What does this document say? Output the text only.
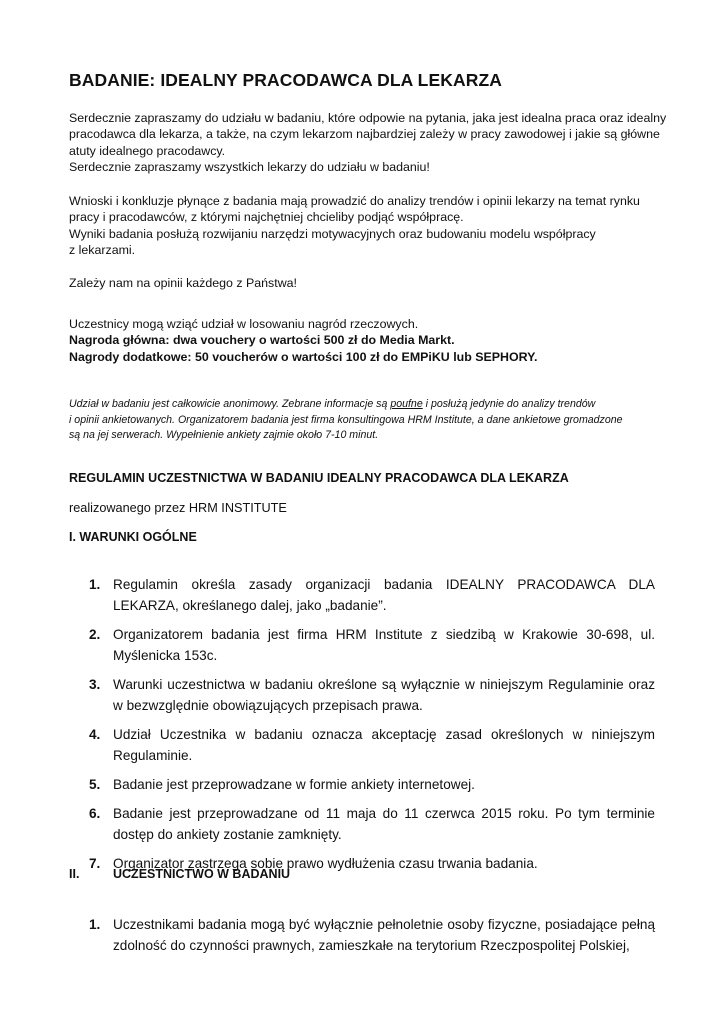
BADANIE: IDEALNY PRACODAWCA DLA LEKARZA
Serdecznie zapraszamy do udziału w badaniu, które odpowie na pytania, jaka jest idealna praca oraz idealny
pracodawca dla lekarza, a także, na czym lekarzom najbardziej zależy w pracy zawodowej i jakie są główne
atuty idealnego pracodawcy.
Serdecznie zapraszamy wszystkich lekarzy do udziału w badaniu!
Wnioski i konkluzje płynące z badania mają prowadzić do analizy trendów i opinii lekarzy na temat rynku
pracy i pracodawców, z którymi najchętniej chcieliby podjąć współpracę.
Wyniki badania posłużą rozwijaniu narzędzi motywacyjnych oraz budowaniu modelu współpracy
z lekarzami.
Zależy nam na opinii każdego z Państwa!
Uczestnicy mogą wziąć udział w losowaniu nagród rzeczowych.
Nagroda główna: dwa vouchery o wartości 500 zł do Media Markt.
Nagrody dodatkowe: 50 voucherów o wartości 100 zł do EMPiKU lub SEPHORY.
Udział w badaniu jest całkowicie anonimowy. Zebrane informacje są poufne i posłużą jedynie do analizy trendów
i opinii ankietowanych. Organizatorem badania jest firma konsultingowa HRM Institute, a dane ankietowe gromadzone
są na jej serwerach. Wypełnienie ankiety zajmie około 7-10 minut.
REGULAMIN UCZESTNICTWA W BADANIU IDEALNY PRACODAWCA DLA LEKARZA
realizowanego przez HRM INSTITUTE
I. WARUNKI OGÓLNE
1. Regulamin określa zasady organizacji badania IDEALNY PRACODAWCA DLA LEKARZA, określanego dalej, jako „badanie”.
2. Organizatorem badania jest firma HRM Institute z siedzibą w Krakowie 30-698, ul. Myślenicka 153c.
3. Warunki uczestnictwa w badaniu określone są wyłącznie w niniejszym Regulaminie oraz w bezwzględnie obowiązujących przepisach prawa.
4. Udział Uczestnika w badaniu oznacza akceptację zasad określonych w niniejszym Regulaminie.
5. Badanie jest przeprowadzane w formie ankiety internetowej.
6. Badanie jest przeprowadzane od 11 maja do 11 czerwca 2015 roku. Po tym terminie dostęp do ankiety zostanie zamknięty.
7. Organizator zastrzega sobie prawo wydłużenia czasu trwania badania.
II.	UCZESTNICTWO W BADANIU
1. Uczestnikami badania mogą być wyłącznie pełnoletnie osoby fizyczne, posiadające pełną zdolność do czynności prawnych, zamieszkałe na terytorium Rzeczpospolitej Polskiej,
